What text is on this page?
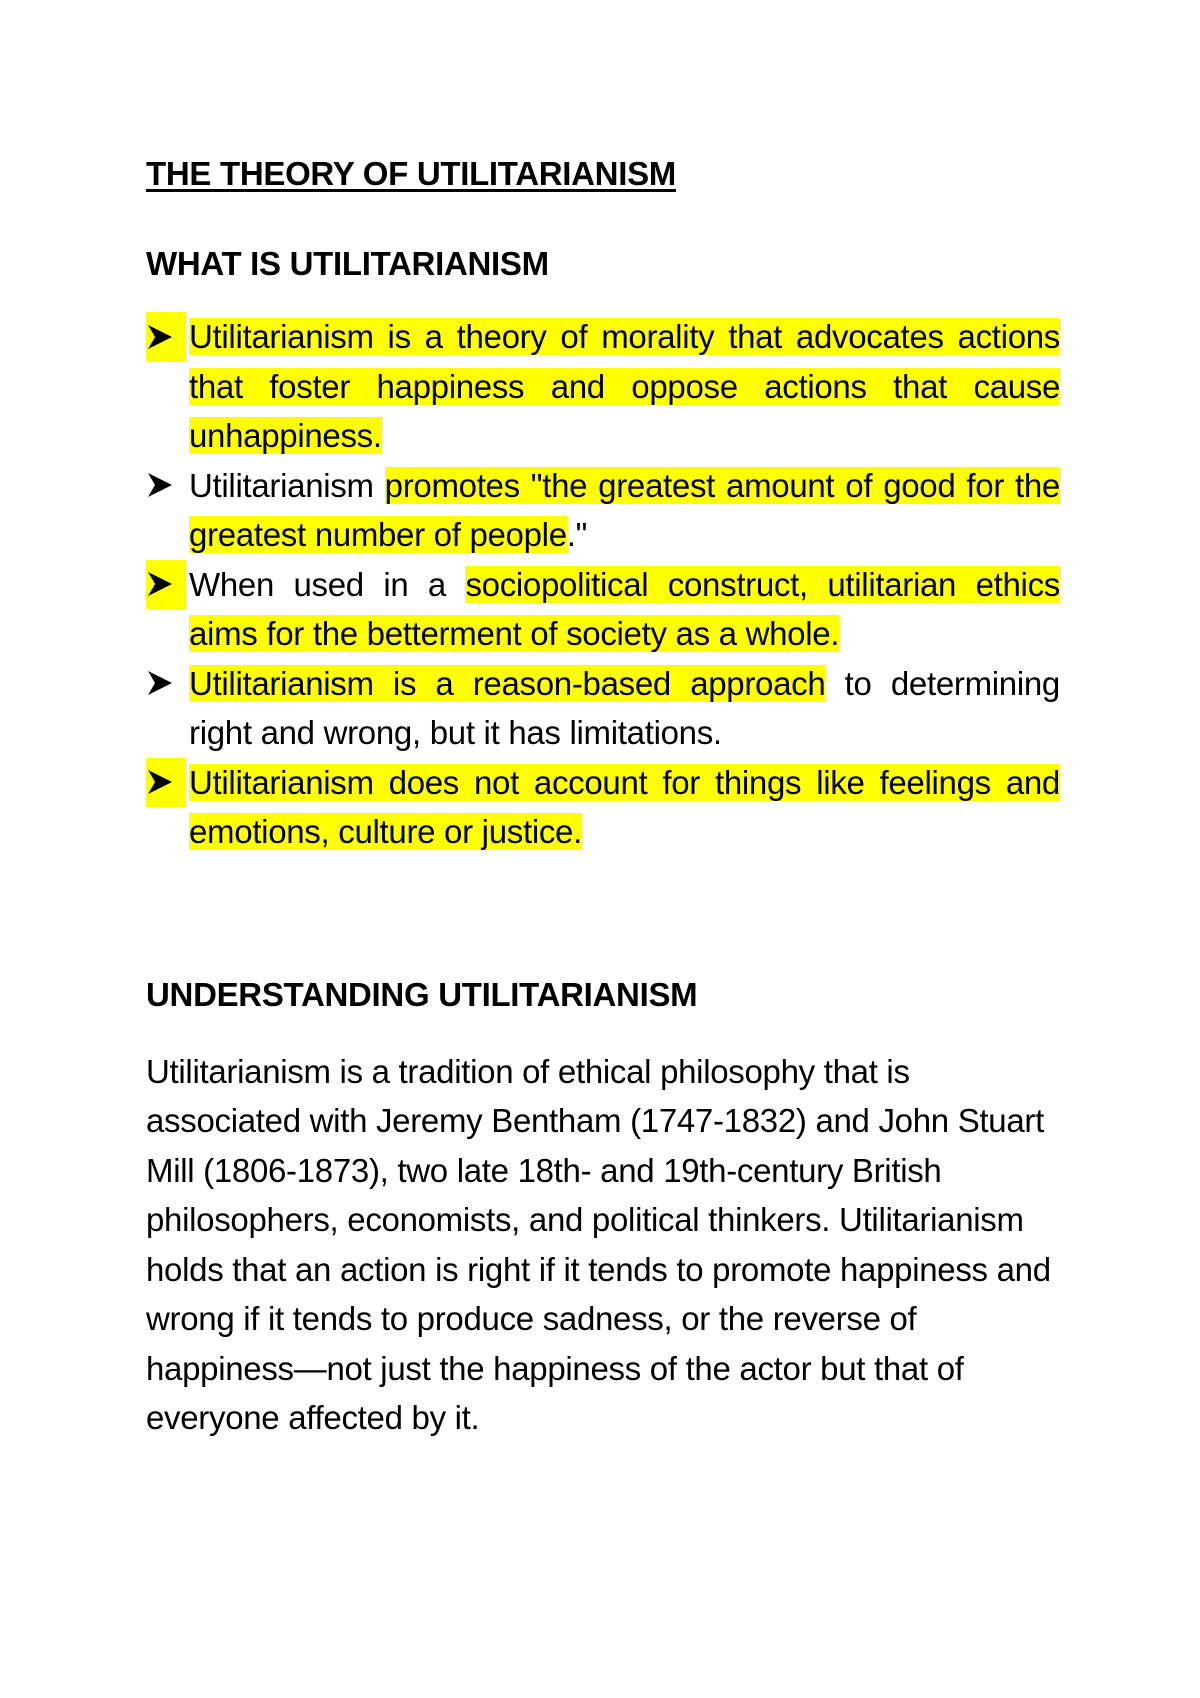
THE THEORY OF UTILITARIANISM
WHAT IS UTILITARIANISM
Utilitarianism is a theory of morality that advocates actions that foster happiness and oppose actions that cause unhappiness.
Utilitarianism promotes "the greatest amount of good for the greatest number of people."
When used in a sociopolitical construct, utilitarian ethics aims for the betterment of society as a whole.
Utilitarianism is a reason-based approach to determining right and wrong, but it has limitations.
Utilitarianism does not account for things like feelings and emotions, culture or justice.
UNDERSTANDING UTILITARIANISM

Utilitarianism is a tradition of ethical philosophy that is associated with Jeremy Bentham (1747-1832) and John Stuart Mill (1806-1873), two late 18th- and 19th-century British philosophers, economists, and political thinkers. Utilitarianism holds that an action is right if it tends to promote happiness and wrong if it tends to produce sadness, or the reverse of happiness—not just the happiness of the actor but that of everyone affected by it.
